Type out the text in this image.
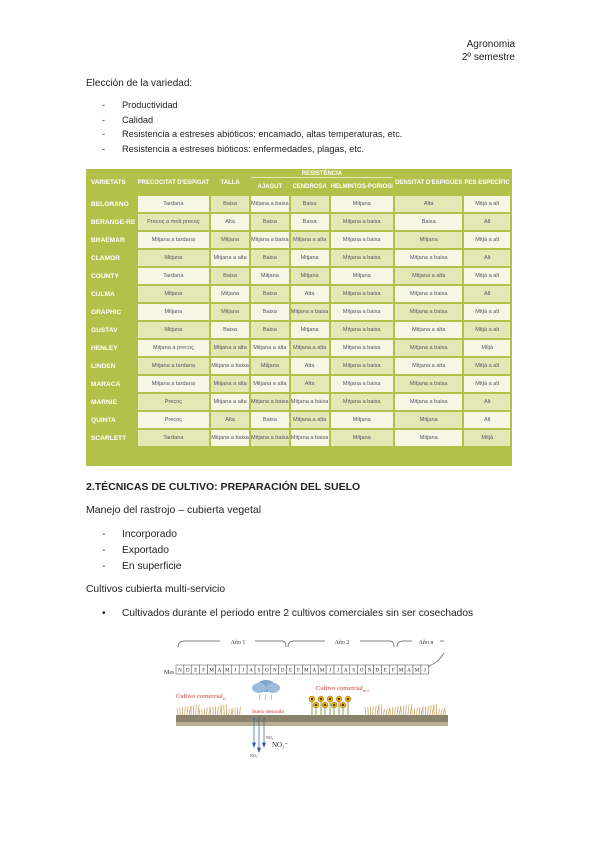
Agronomia
2º semestre
Elección de la variedad:
- Productividad
- Calidad
- Resistencia a estreses abióticos: encamado, altas temperaturas, etc.
- Resistencia a estreses bióticos: enfermedades, plagas, etc.
VARIETATS	PRECOCITAT D'ESPIGAT	TALLA	RESISTÈNCIA			DENSITAT D'ESPIGUES	PES ESPECÍFIC
			AJAGUT	CENDROSA	HELMINTOS-PORIOSI		
BELGRANO	Tardana	Baixa	Mitjana a baixa	Baixa	Mitjana	Alta	Mitjà a alt
BERANGE-RE	Precoç a molt precoç	Alta	Baixa	Baixa	Mitjana a baixa	Baixa	Alt
BRAEMAR	Mitjana a tardana	Mitjana	Mitjana a baixa	Mitjana a alta	Mitjana a baixa	Mitjana	Mitjà a alt
CLAMOR	Mitjana	Mitjana a alta	Baixa	Mitjana	Mitjana a baixa	Mitjana a baixa	Alt
COUNTY	Tardana	Baixa	Mitjana	Mitjana	Mitjana	Mitjana a alta	Mitjà a alt
CULMA	Mitjana	Mitjana	Baixa	Alta	Mitjana a baixa	Mitjana a baixa	Alt
GRAPHIC	Mitjana	Mitjana	Baixa	Mitjana a baixa	Mitjana a baixa	Mitjana a baixa	Mitjà a alt
GUSTAV	Mitjana	Baixa	Baixa	Mitjana	Mitjana a baixa	Mitjana a alta	Mitjà a alt
HENLEY	Mitjana a precoç	Mitjana a alta	Mitjana a alta	Mitjana a alta	Mitjana a baixa	Mitjana a baixa	Mitjà
LINDEN	Mitjana a tardana	Mitjana a baixa	Mitjana	Alta	Mitjana a baixa	Mitjana a alta	Mitjà a alt
MARACA	Mitjana a tardana	Mitjana a alta	Mitjana a alta	Alta	Mitjana a baixa	Mitjana a baixa	Mitjà a alt
MARNIE	Precoç	Mitjana a alta	Mitjana a baixa	Mitjana a baixa	Mitjana a baixa	Mitjana a baixa	Alt
QUINTA	Precoç	Alta	Baixa	Mitjana a alta	Mitjana	Mitjana	Alt
SCARLETT	Tardana	Mitjana a baixa	Mitjana a baixa	Mitjana a baixa	Mitjana	Mitjana	Mitjà
2.TÉCNICAS DE CULTIVO: PREPARACIÓN DEL SUELO
Manejo del rastrojo – cubierta vegetal
- Incorporado
- Exportado
- En superficie
Cultivos cubierta multi-servicio
• Cultivados durante el periodo entre 2 cultivos comerciales sin ser cosechados
Año 1	Año 2	Año n
Mes N D E F M A M J J A S O N D E F M A M J J A S O N D E F M A M J
Cultivo comercial$_n$
Cultivo comercial$_{n+1}$
Suelo desnudo
NO₃⁻
NO₃⁻
NO₃⁻
